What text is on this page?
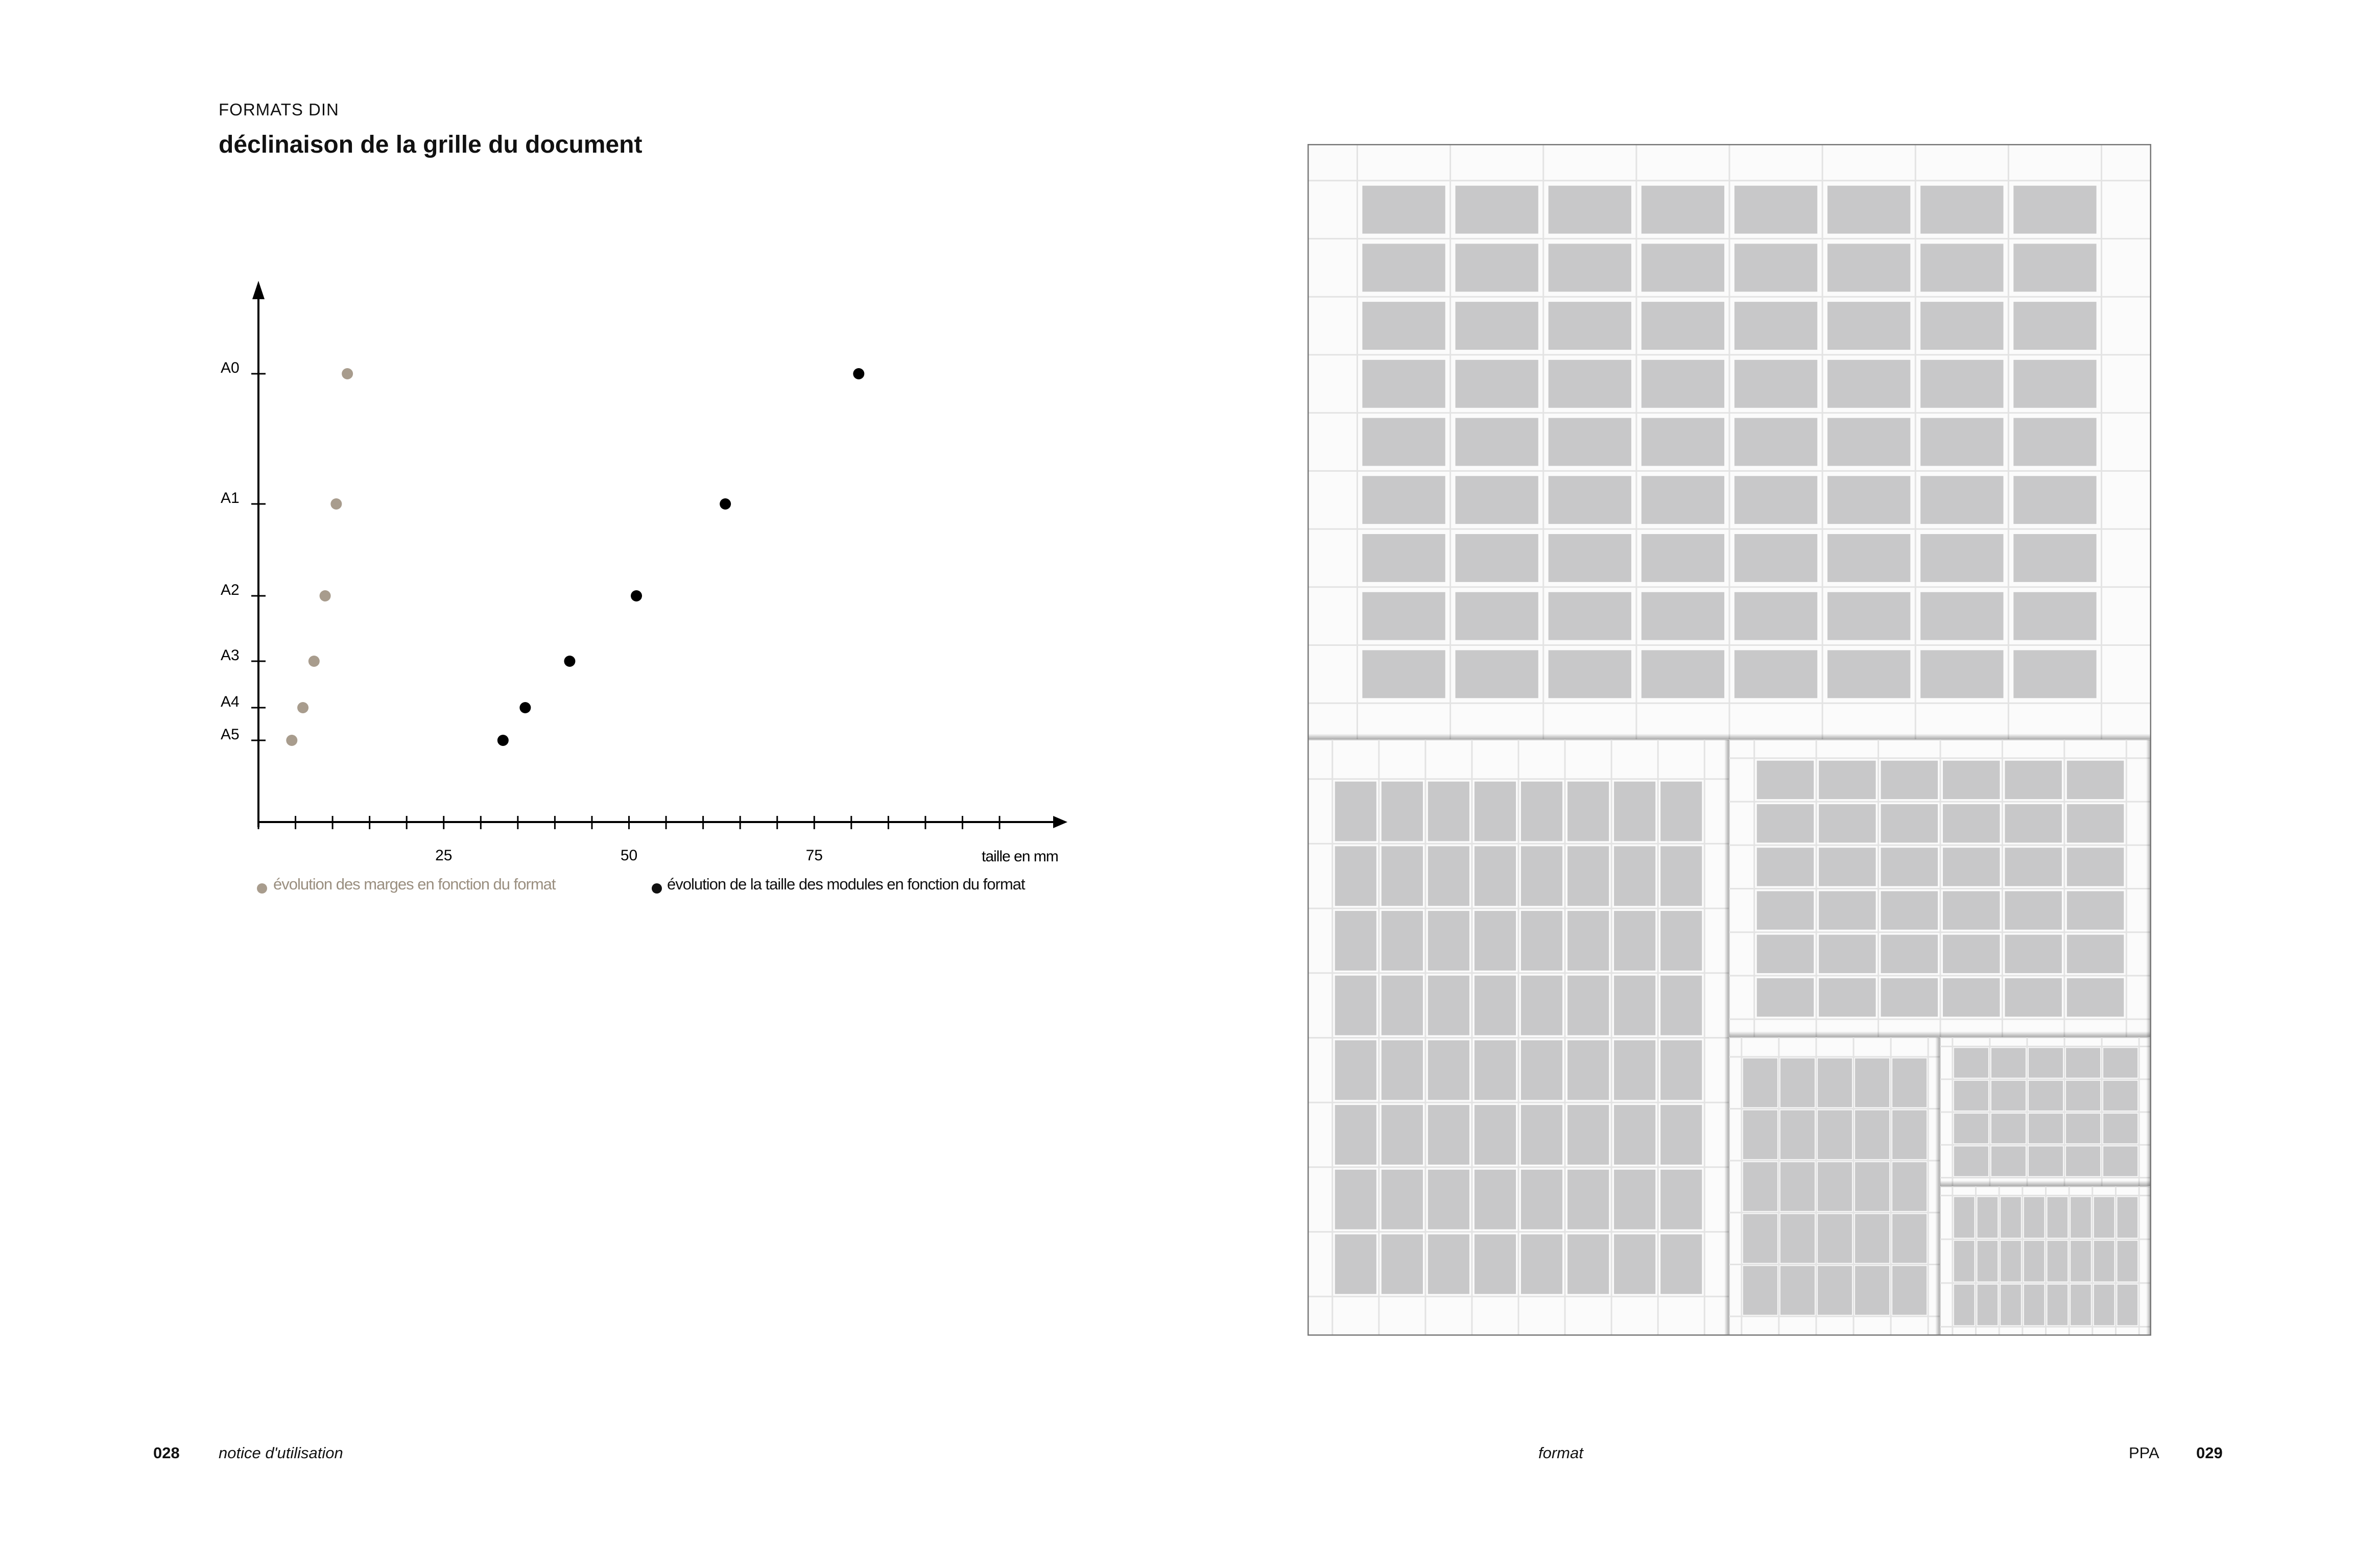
FORMATS DIN
déclinaison de la grille du document
A0
A1
A2
A3
A4
A5
25	50	75	taille en mm
évolution des marges en fonction du format	évolution de la taille des modules en fonction du format
028 notice d'utilisation	format	PPA 029
